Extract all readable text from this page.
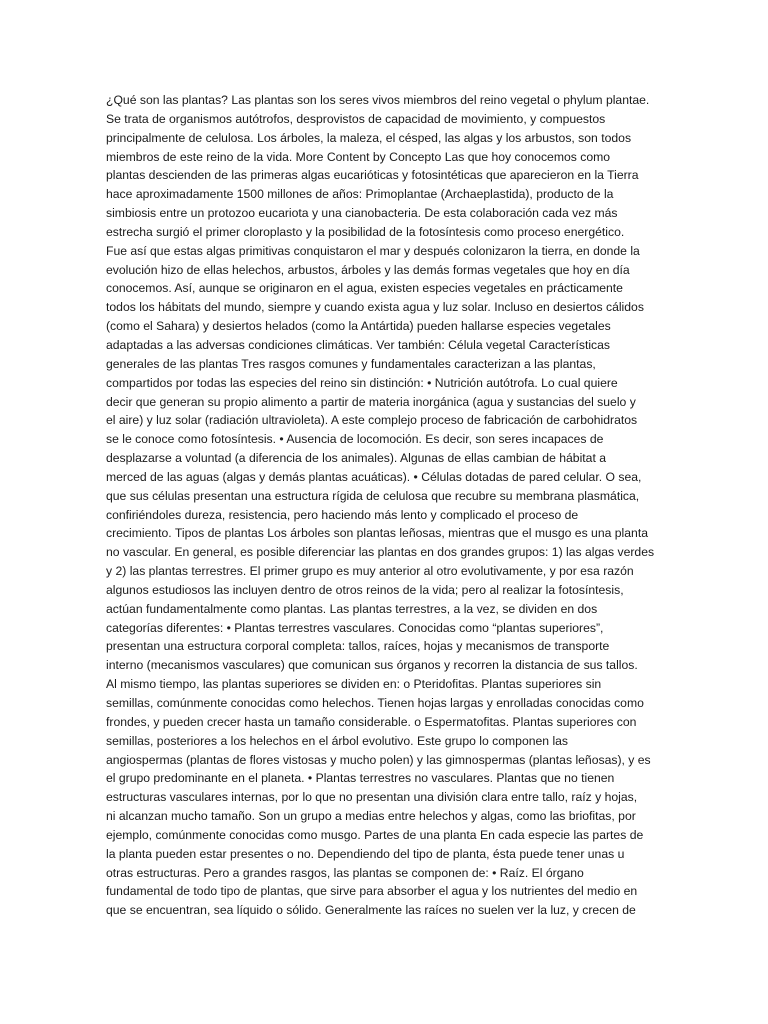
¿Qué son las plantas? Las plantas son los seres vivos miembros del reino vegetal o phylum plantae.
Se trata de organismos autótrofos, desprovistos de capacidad de movimiento, y compuestos
principalmente de celulosa. Los árboles, la maleza, el césped, las algas y los arbustos, son todos
miembros de este reino de la vida. More Content by Concepto Las que hoy conocemos como
plantas descienden de las primeras algas eucarióticas y fotosintéticas que aparecieron en la Tierra
hace aproximadamente 1500 millones de años: Primoplantae (Archaeplastida), producto de la
simbiosis entre un protozoo eucariota y una cianobacteria. De esta colaboración cada vez más
estrecha surgió el primer cloroplasto y la posibilidad de la fotosíntesis como proceso energético.
Fue así que estas algas primitivas conquistaron el mar y después colonizaron la tierra, en donde la
evolución hizo de ellas helechos, arbustos, árboles y las demás formas vegetales que hoy en día
conocemos. Así, aunque se originaron en el agua, existen especies vegetales en prácticamente
todos los hábitats del mundo, siempre y cuando exista agua y luz solar. Incluso en desiertos cálidos
(como el Sahara) y desiertos helados (como la Antártida) pueden hallarse especies vegetales
adaptadas a las adversas condiciones climáticas. Ver también: Célula vegetal Características
generales de las plantas Tres rasgos comunes y fundamentales caracterizan a las plantas,
compartidos por todas las especies del reino sin distinción: • Nutrición autótrofa. Lo cual quiere
decir que generan su propio alimento a partir de materia inorgánica (agua y sustancias del suelo y
el aire) y luz solar (radiación ultravioleta). A este complejo proceso de fabricación de carbohidratos
se le conoce como fotosíntesis. • Ausencia de locomoción. Es decir, son seres incapaces de
desplazarse a voluntad (a diferencia de los animales). Algunas de ellas cambian de hábitat a
merced de las aguas (algas y demás plantas acuáticas). • Células dotadas de pared celular. O sea,
que sus células presentan una estructura rígida de celulosa que recubre su membrana plasmática,
confiriéndoles dureza, resistencia, pero haciendo más lento y complicado el proceso de
crecimiento. Tipos de plantas Los árboles son plantas leñosas, mientras que el musgo es una planta
no vascular. En general, es posible diferenciar las plantas en dos grandes grupos: 1) las algas verdes
y 2) las plantas terrestres. El primer grupo es muy anterior al otro evolutivamente, y por esa razón
algunos estudiosos las incluyen dentro de otros reinos de la vida; pero al realizar la fotosíntesis,
actúan fundamentalmente como plantas. Las plantas terrestres, a la vez, se dividen en dos
categorías diferentes: • Plantas terrestres vasculares. Conocidas como “plantas superiores”,
presentan una estructura corporal completa: tallos, raíces, hojas y mecanismos de transporte
interno (mecanismos vasculares) que comunican sus órganos y recorren la distancia de sus tallos.
Al mismo tiempo, las plantas superiores se dividen en: o Pteridofitas. Plantas superiores sin
semillas, comúnmente conocidas como helechos. Tienen hojas largas y enrolladas conocidas como
frondes, y pueden crecer hasta un tamaño considerable. o Espermatofitas. Plantas superiores con
semillas, posteriores a los helechos en el árbol evolutivo. Este grupo lo componen las
angiospermas (plantas de flores vistosas y mucho polen) y las gimnospermas (plantas leñosas), y es
el grupo predominante en el planeta. • Plantas terrestres no vasculares. Plantas que no tienen
estructuras vasculares internas, por lo que no presentan una división clara entre tallo, raíz y hojas,
ni alcanzan mucho tamaño. Son un grupo a medias entre helechos y algas, como las briofitas, por
ejemplo, comúnmente conocidas como musgo. Partes de una planta En cada especie las partes de
la planta pueden estar presentes o no. Dependiendo del tipo de planta, ésta puede tener unas u
otras estructuras. Pero a grandes rasgos, las plantas se componen de: • Raíz. El órgano
fundamental de todo tipo de plantas, que sirve para absorber el agua y los nutrientes del medio en
que se encuentran, sea líquido o sólido. Generalmente las raíces no suelen ver la luz, y crecen de
